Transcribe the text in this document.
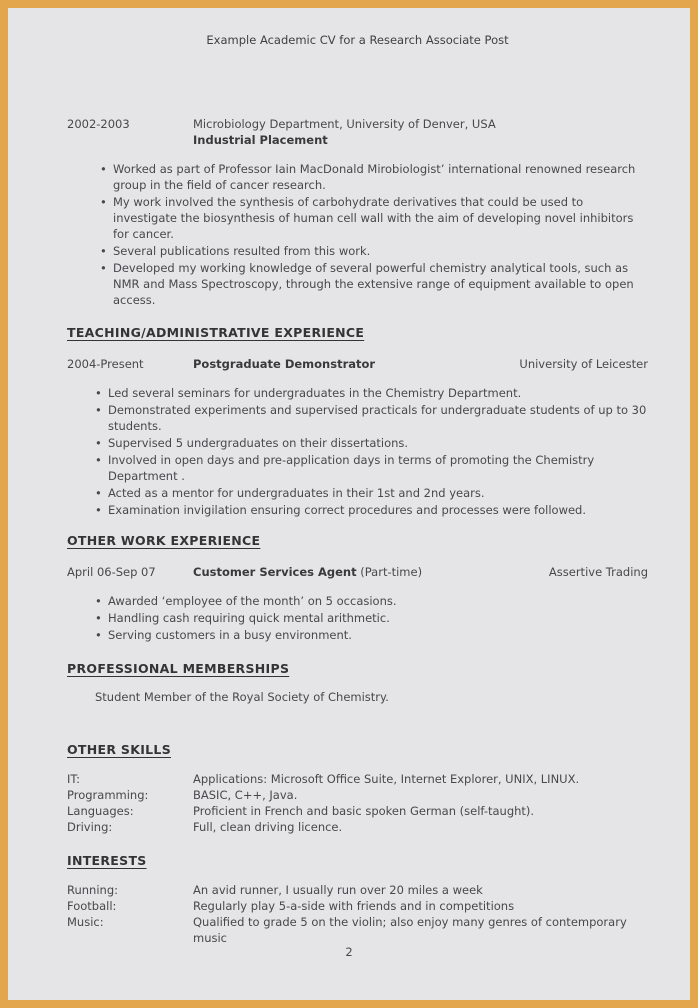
Example Academic CV for a Research Associate Post
2002-2003	Microbiology Department, University of Denver, USA
Industrial Placement
• Worked as part of Professor Iain MacDonald Mirobiologist’ international renowned research group in the field of cancer research.
• My work involved the synthesis of carbohydrate derivatives that could be used to investigate the biosynthesis of human cell wall with the aim of developing novel inhibitors for cancer.
• Several publications resulted from this work.
• Developed my working knowledge of several powerful chemistry analytical tools, such as NMR and Mass Spectroscopy, through the extensive range of equipment available to open access.
TEACHING/ADMINISTRATIVE EXPERIENCE
2004-Present	Postgraduate Demonstrator	University of Leicester
• Led several seminars for undergraduates in the Chemistry Department.
• Demonstrated experiments and supervised practicals for undergraduate students of up to 30 students.
• Supervised 5 undergraduates on their dissertations.
• Involved in open days and pre-application days in terms of promoting the Chemistry Department .
• Acted as a mentor for undergraduates in their 1st and 2nd years.
• Examination invigilation ensuring correct procedures and processes were followed.
OTHER WORK EXPERIENCE
April 06-Sep 07	Customer Services Agent (Part-time)	Assertive Trading
• Awarded ‘employee of the month’ on 5 occasions.
• Handling cash requiring quick mental arithmetic.
• Serving customers in a busy environment.
PROFESSIONAL MEMBERSHIPS

Student Member of the Royal Society of Chemistry.

OTHER SKILLS
IT:	Applications: Microsoft Office Suite, Internet Explorer, UNIX, LINUX.
Programming:	BASIC, C++, Java.
Languages:	Proficient in French and basic spoken German (self-taught).
Driving:	Full, clean driving licence.
INTERESTS
Running:	An avid runner, I usually run over 20 miles a week
Football:	Regularly play 5-a-side with friends and in competitions
Music:	Qualified to grade 5 on the violin; also enjoy many genres of contemporary music
2
